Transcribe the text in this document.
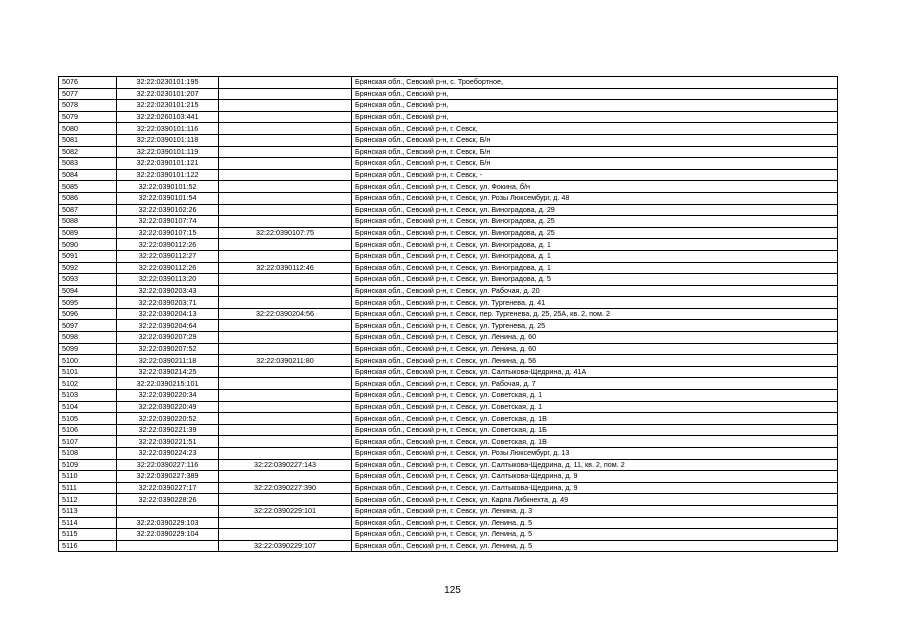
5076	32:22:0230101:195		Брянская обл., Севский р-н, с. Троебортное,
5077	32:22:0230101:207		Брянская обл., Севский р-н,
5078	32:22:0230101:215		Брянская обл., Севский р-н,
5079	32:22:0260103:441		Брянская обл., Севский р-н,
5080	32:22:0390101:116		Брянская обл., Севский р-н, г. Севск,
5081	32:22:0390101:118		Брянская обл., Севский р-н, г. Севск, Б/н
5082	32:22:0390101:119		Брянская обл., Севский р-н, г. Севск, Б/н
5083	32:22:0390101:121		Брянская обл., Севский р-н, г. Севск, Б/н
5084	32:22:0390101:122		Брянская обл., Севский р-н, г. Севск, -
5085	32:22:0390101:52		Брянская обл., Севский р-н, г. Севск, ул. Фокина, б/н
5086	32:22:0390101:54		Брянская обл., Севский р-н, г. Севск, ул. Розы Люксембург, д. 48
5087	32:22:0390102:26		Брянская обл., Севский р-н, г. Севск, ул. Виноградова, д. 29
5088	32:22:0390107:74		Брянская обл., Севский р-н, г. Севск, ул. Виноградова, д. 25
5089	32:22:0390107:15	32:22:0390107:75	Брянская обл., Севский р-н, г. Севск, ул. Виноградова, д. 25
5090	32:22:0390112:26		Брянская обл., Севский р-н, г. Севск, ул. Виноградова, д. 1
5091	32:22:0390112:27		Брянская обл., Севский р-н, г. Севск, ул. Виноградова, д. 1
5092	32:22:0390112:26	32:22:0390112:46	Брянская обл., Севский р-н, г. Севск, ул. Виноградова, д. 1
5093	32:22:0390113:20		Брянская обл., Севский р-н, г. Севск, ул. Виноградова, д. 5
5094	32:22:0390203:43		Брянская обл., Севский р-н, г. Севск, ул. Рабочая, д. 20
5095	32:22:0390203:71		Брянская обл., Севский р-н, г. Севск, ул. Тургенева, д. 41
5096	32:22:0390204:13	32:22:0390204:56	Брянская обл., Севский р-н, г. Севск, пер. Тургенева, д. 25, 25А, кв. 2, пом. 2
5097	32:22:0390204:64		Брянская обл., Севский р-н, г. Севск, ул. Тургенева, д. 25
5098	32:22:0390207:29		Брянская обл., Севский р-н, г. Севск, ул. Ленина, д. 60
5099	32:22:0390207:52		Брянская обл., Севский р-н, г. Севск, ул. Ленина, д. 60
5100	32:22:0390211:18	32:22:0390211:80	Брянская обл., Севский р-н, г. Севск, ул. Ленина, д. 56
5101	32:22:0390214:25		Брянская обл., Севский р-н, г. Севск, ул. Салтыкова-Щедрина, д. 41А
5102	32:22:0390215:101		Брянская обл., Севский р-н, г. Севск, ул. Рабочая, д. 7
5103	32:22:0390220:34		Брянская обл., Севский р-н, г. Севск, ул. Советская, д. 1
5104	32:22:0390220:49		Брянская обл., Севский р-н, г. Севск, ул. Советская, д. 1
5105	32:22:0390220:52		Брянская обл., Севский р-н, г. Севск, ул. Советская, д. 1В
5106	32:22:0390221:39		Брянская обл., Севский р-н, г. Севск, ул. Советская, д. 1Б
5107	32:22:0390221:51		Брянская обл., Севский р-н, г. Севск, ул. Советская, д. 1В
5108	32:22:0390224:23		Брянская обл., Севский р-н, г. Севск, ул. Розы Люксембург, д. 13
5109	32:22:0390227:116	32:22:0390227:143	Брянская обл., Севский р-н, г. Севск, ул. Салтыкова-Щедрина, д. 11, кв. 2, пом. 2
5110	32:22:0390227:389		Брянская обл., Севский р-н, г. Севск, ул. Салтыкова-Щедрина, д. 9
5111	32:22:0390227:17	32:22:0390227:390	Брянская обл., Севский р-н, г. Севск, ул. Салтыкова-Щедрина, д. 9
5112	32:22:0390228:26		Брянская обл., Севский р-н, г. Севск, ул. Карла Либкнехта, д. 49
5113		32:22:0390229:101	Брянская обл., Севский р-н, г. Севск, ул. Ленина, д. 3
5114	32:22:0390229:103		Брянская обл., Севский р-н, г. Севск, ул. Ленина, д. 5
5115	32:22:0390229:104		Брянская обл., Севский р-н, г. Севск, ул. Ленина, д. 5
5116		32:22:0390229:107	Брянская обл., Севский р-н, г. Севск, ул. Ленина, д. 5
125
